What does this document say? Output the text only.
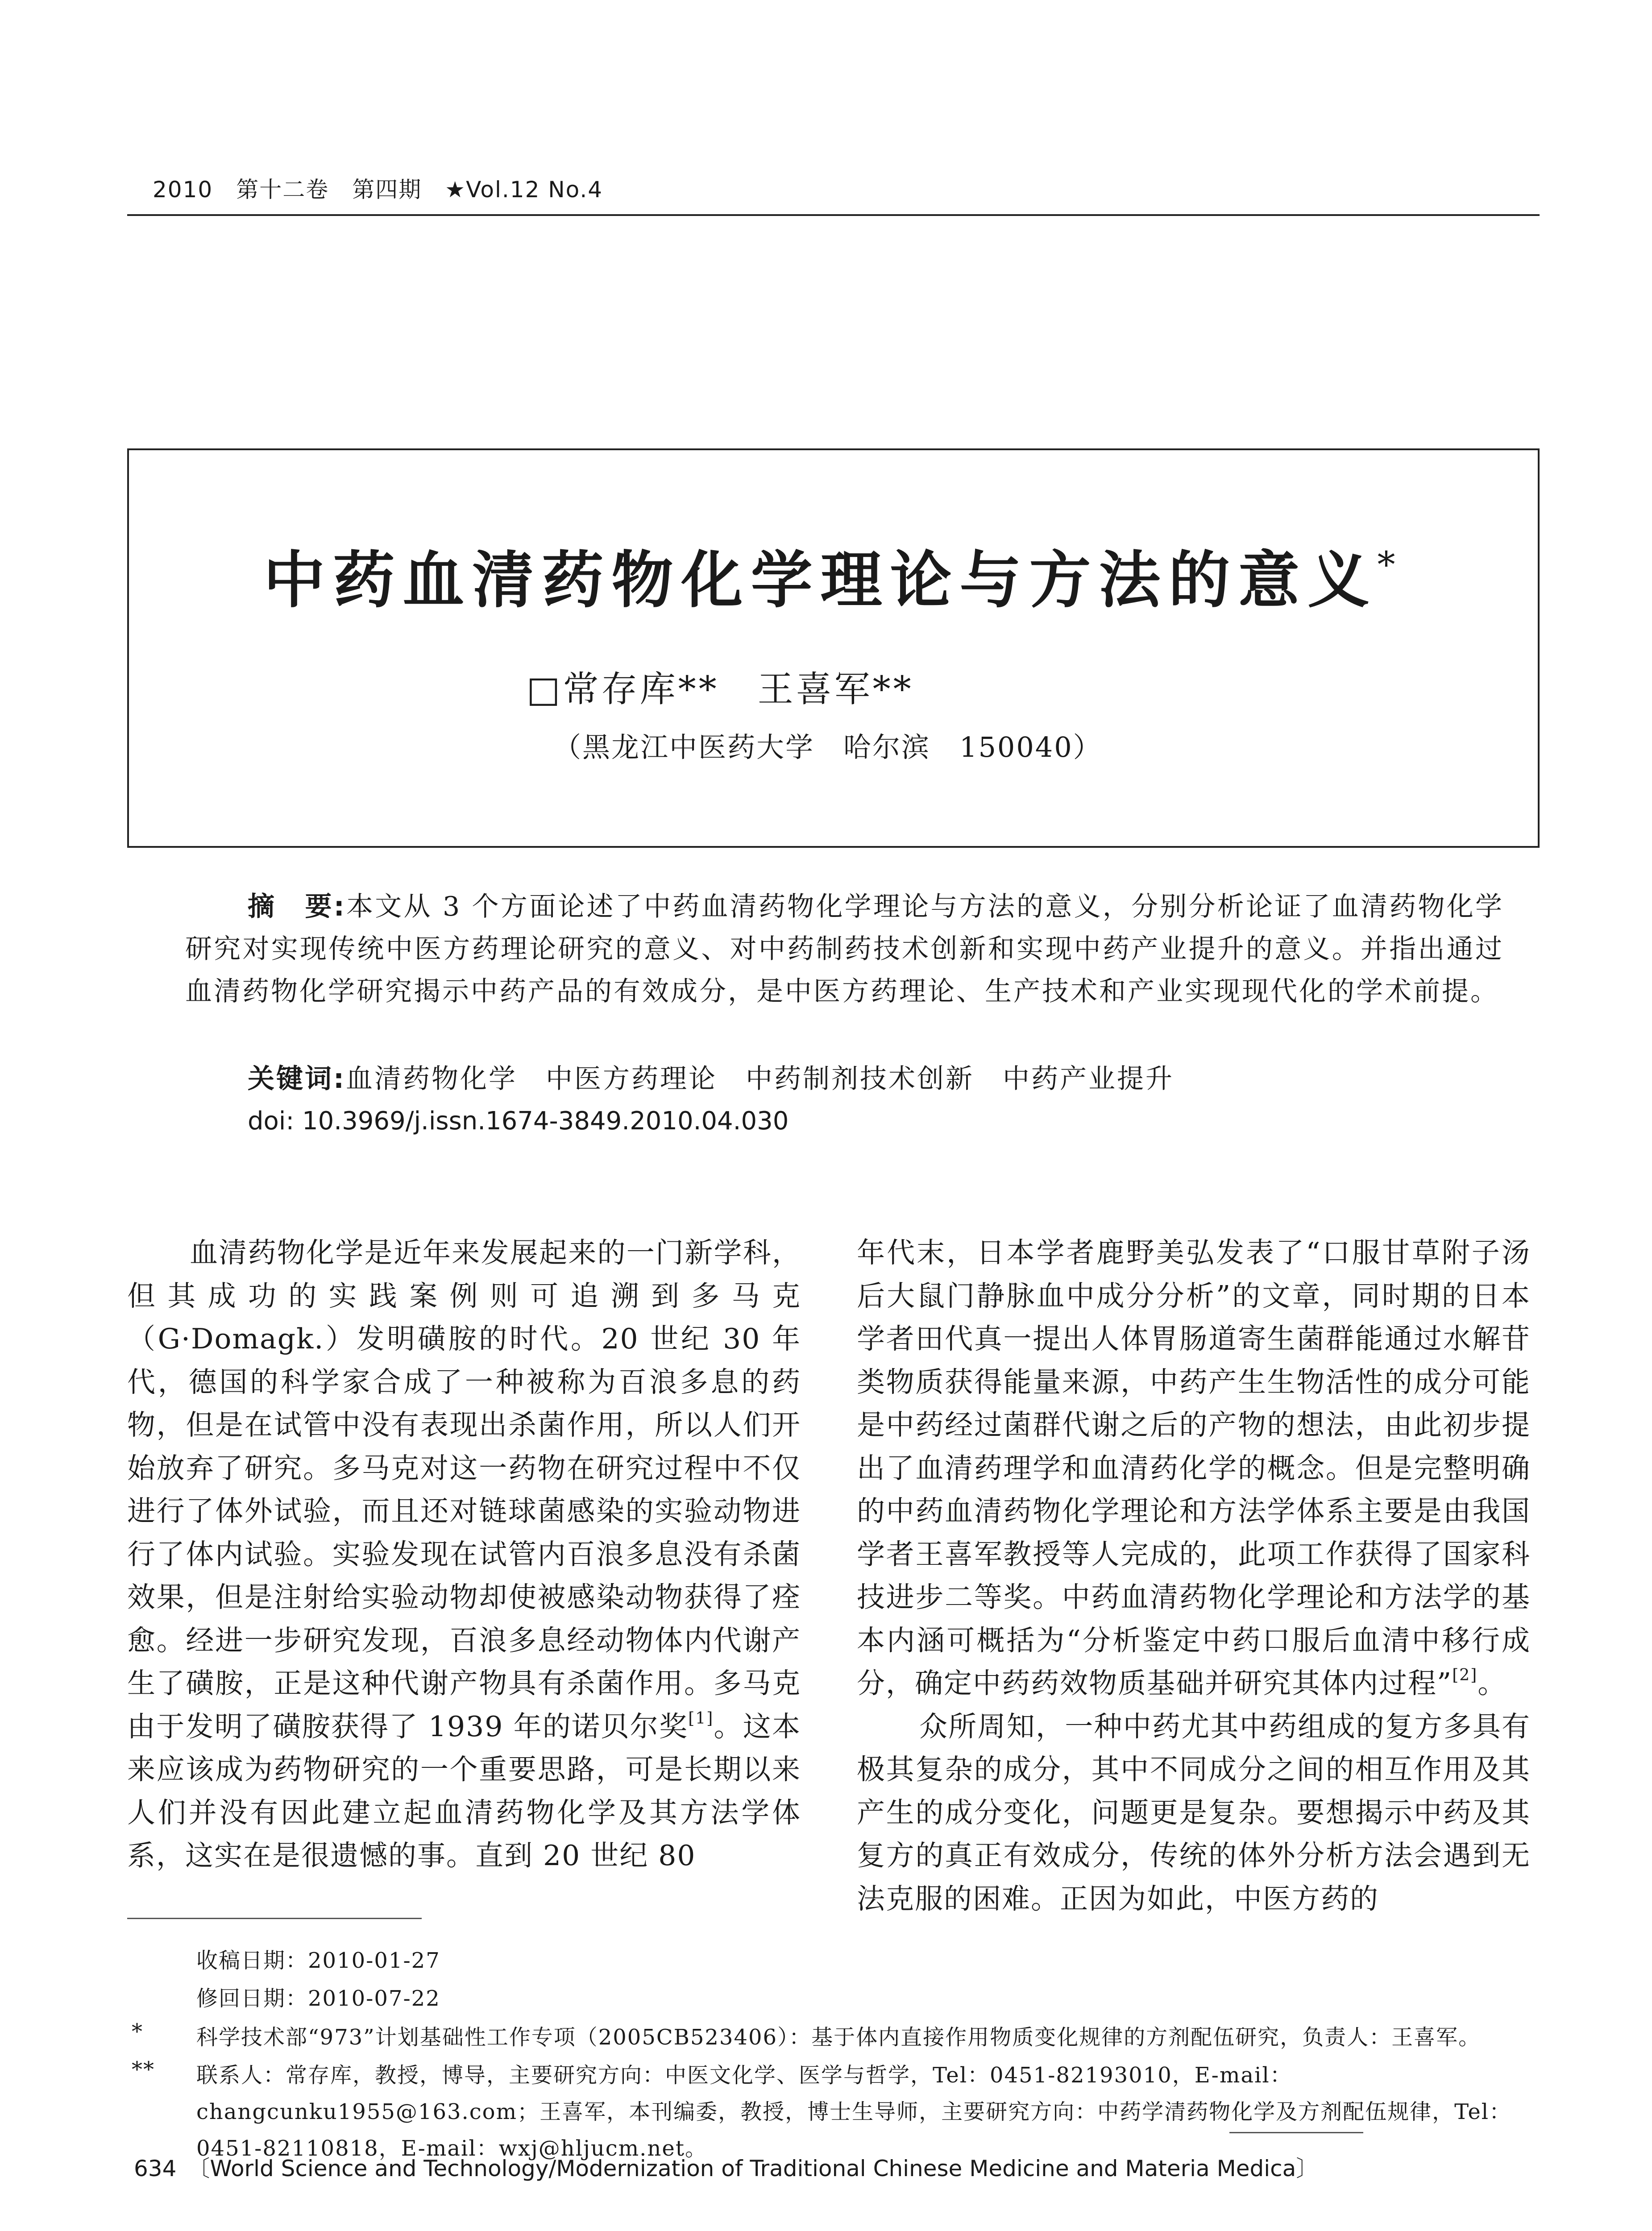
2010　第十二卷　第四期　★Vol.12 No.4
中药血清药物化学理论与方法的意义*
□常存库**　王喜军**
（黑龙江中医药大学　哈尔滨　150040）
摘　要:本文从 3 个方面论述了中药血清药物化学理论与方法的意义，分别分析论证了血清药物化学研究对实现传统中医方药理论研究的意义、对中药制药技术创新和实现中药产业提升的意义。并指出通过血清药物化学研究揭示中药产品的有效成分，是中医方药理论、生产技术和产业实现现代化的学术前提。
关键词:血清药物化学　中医方药理论　中药制剂技术创新　中药产业提升
doi: 10.3969/j.issn.1674-3849.2010.04.030

血清药物化学是近年来发展起来的一门新学科，但其成功的实践案例则可追溯到多马克（G·Domagk.）发明磺胺的时代。20 世纪 30 年代，德国的科学家合成了一种被称为百浪多息的药物，但是在试管中没有表现出杀菌作用，所以人们开始放弃了研究。多马克对这一药物在研究过程中不仅进行了体外试验，而且还对链球菌感染的实验动物进行了体内试验。实验发现在试管内百浪多息没有杀菌效果，但是注射给实验动物却使被感染动物获得了痊愈。经进一步研究发现，百浪多息经动物体内代谢产生了磺胺，正是这种代谢产物具有杀菌作用。多马克由于发明了磺胺获得了 1939 年的诺贝尔奖[1]。这本来应该成为药物研究的一个重要思路，可是长期以来人们并没有因此建立起血清药物化学及其方法学体系，这实在是很遗憾的事。直到 20 世纪 80

年代末，日本学者鹿野美弘发表了“口服甘草附子汤后大鼠门静脉血中成分分析”的文章，同时期的日本学者田代真一提出人体胃肠道寄生菌群能通过水解苷类物质获得能量来源，中药产生生物活性的成分可能是中药经过菌群代谢之后的产物的想法，由此初步提出了血清药理学和血清药化学的概念。但是完整明确的中药血清药物化学理论和方法学体系主要是由我国学者王喜军教授等人完成的，此项工作获得了国家科技进步二等奖。中药血清药物化学理论和方法学的基本内涵可概括为“分析鉴定中药口服后血清中移行成分，确定中药药效物质基础并研究其体内过程”[2]。

众所周知，一种中药尤其中药组成的复方多具有极其复杂的成分，其中不同成分之间的相互作用及其产生的成分变化，问题更是复杂。要想揭示中药及其复方的真正有效成分，传统的体外分析方法会遇到无法克服的困难。正因为如此，中医方药的

收稿日期：2010-01-27
修回日期：2010-07-22
* 科学技术部“973”计划基础性工作专项（2005CB523406）：基于体内直接作用物质变化规律的方剂配伍研究，负责人：王喜军。
** 联系人：常存库，教授，博导，主要研究方向：中医文化学、医学与哲学，Tel：0451-82193010，E-mail：changcunku1955@163.com；王喜军，本刊编委，教授，博士生导师，主要研究方向：中药学清药物化学及方剂配伍规律，Tel：0451-82110818，E-mail：wxj@hljucm.net。
634　〔World Science and Technology/Modernization of Traditional Chinese Medicine and Materia Medica〕
